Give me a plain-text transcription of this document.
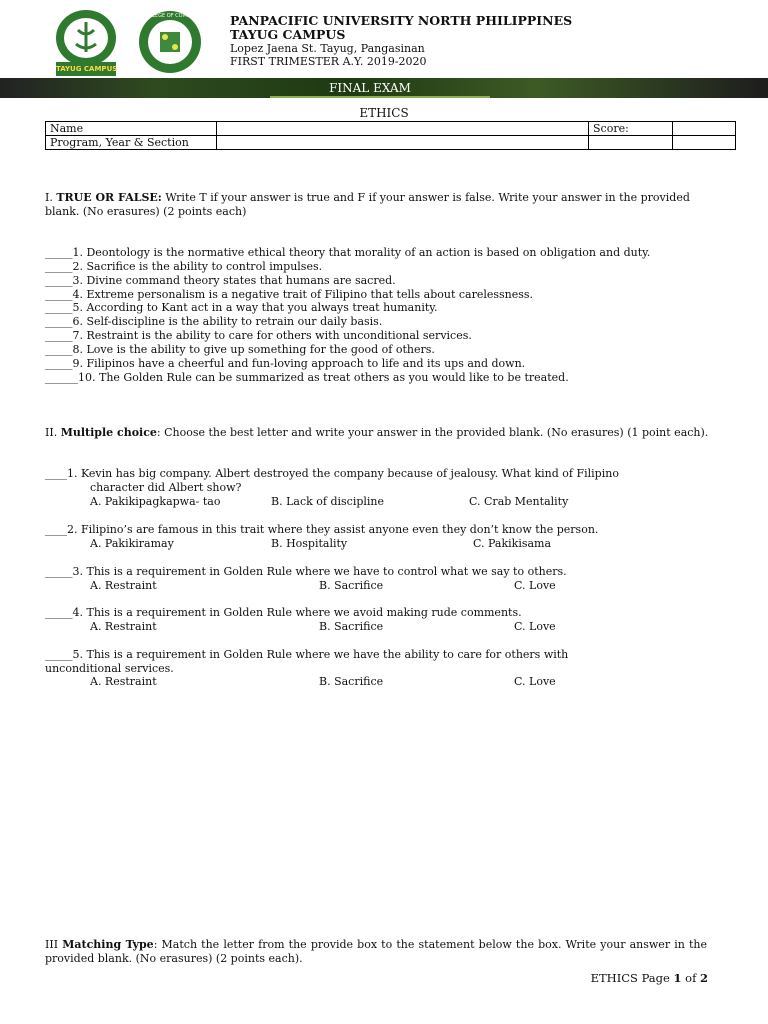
TAYUG CAMPUS
COLLEGE OF COMPUTER STUDIES PANPACIFIC UNIVERSITY NORTH PHILIPPINES
TAYUG CAMPUS
Lopez Jaena St. Tayug, Pangasinan
FIRST TRIMESTER A.Y. 2019-2020
FINAL EXAM
ETHICS
Name		Score:	
Program, Year & Section			
I. TRUE OR FALSE: Write T if your answer is true and F if your answer is false. Write your answer in the provided blank. (No erasures) (2 points each)
_____1. Deontology is the normative ethical theory that morality of an action is based on obligation and duty.
_____2. Sacrifice is the ability to control impulses.
_____3. Divine command theory states that humans are sacred.
_____4. Extreme personalism is a negative trait of Filipino that tells about carelessness.
_____5. According to Kant act in a way that you always treat humanity.
_____6. Self-discipline is the ability to retrain our daily basis.
_____7. Restraint is the ability to care for others with unconditional services.
_____8. Love is the ability to give up something for the good of others.
_____9. Filipinos have a cheerful and fun-loving approach to life and its ups and down.
______10. The Golden Rule can be summarized as treat others as you would like to be treated.
II. Multiple choice: Choose the best letter and write your answer in the provided blank. (No erasures) (1 point each).
____1. Kevin has big company. Albert destroyed the company because of jealousy. What kind of Filipino
character did Albert show?
A. Pakikipagkapwa- tao	B. Lack of discipline	C. Crab Mentality
____2. Filipino’s are famous in this trait where they assist anyone even they don’t know the person.
A. Pakikiramay	B. Hospitality	C. Pakikisama
_____3. This is a requirement in Golden Rule where we have to control what we say to others.
A. Restraint	B. Sacrifice	C. Love
_____4. This is a requirement in Golden Rule where we avoid making rude comments.
A. Restraint	B. Sacrifice	C. Love
_____5. This is a requirement in Golden Rule where we have the ability to care for others with
unconditional services.
A. Restraint	B. Sacrifice	C. Love
III Matching Type: Match the letter from the provide box to the statement below the box. Write your answer in the provided blank. (No erasures) (2 points each).
ETHICS Page 1 of 2
